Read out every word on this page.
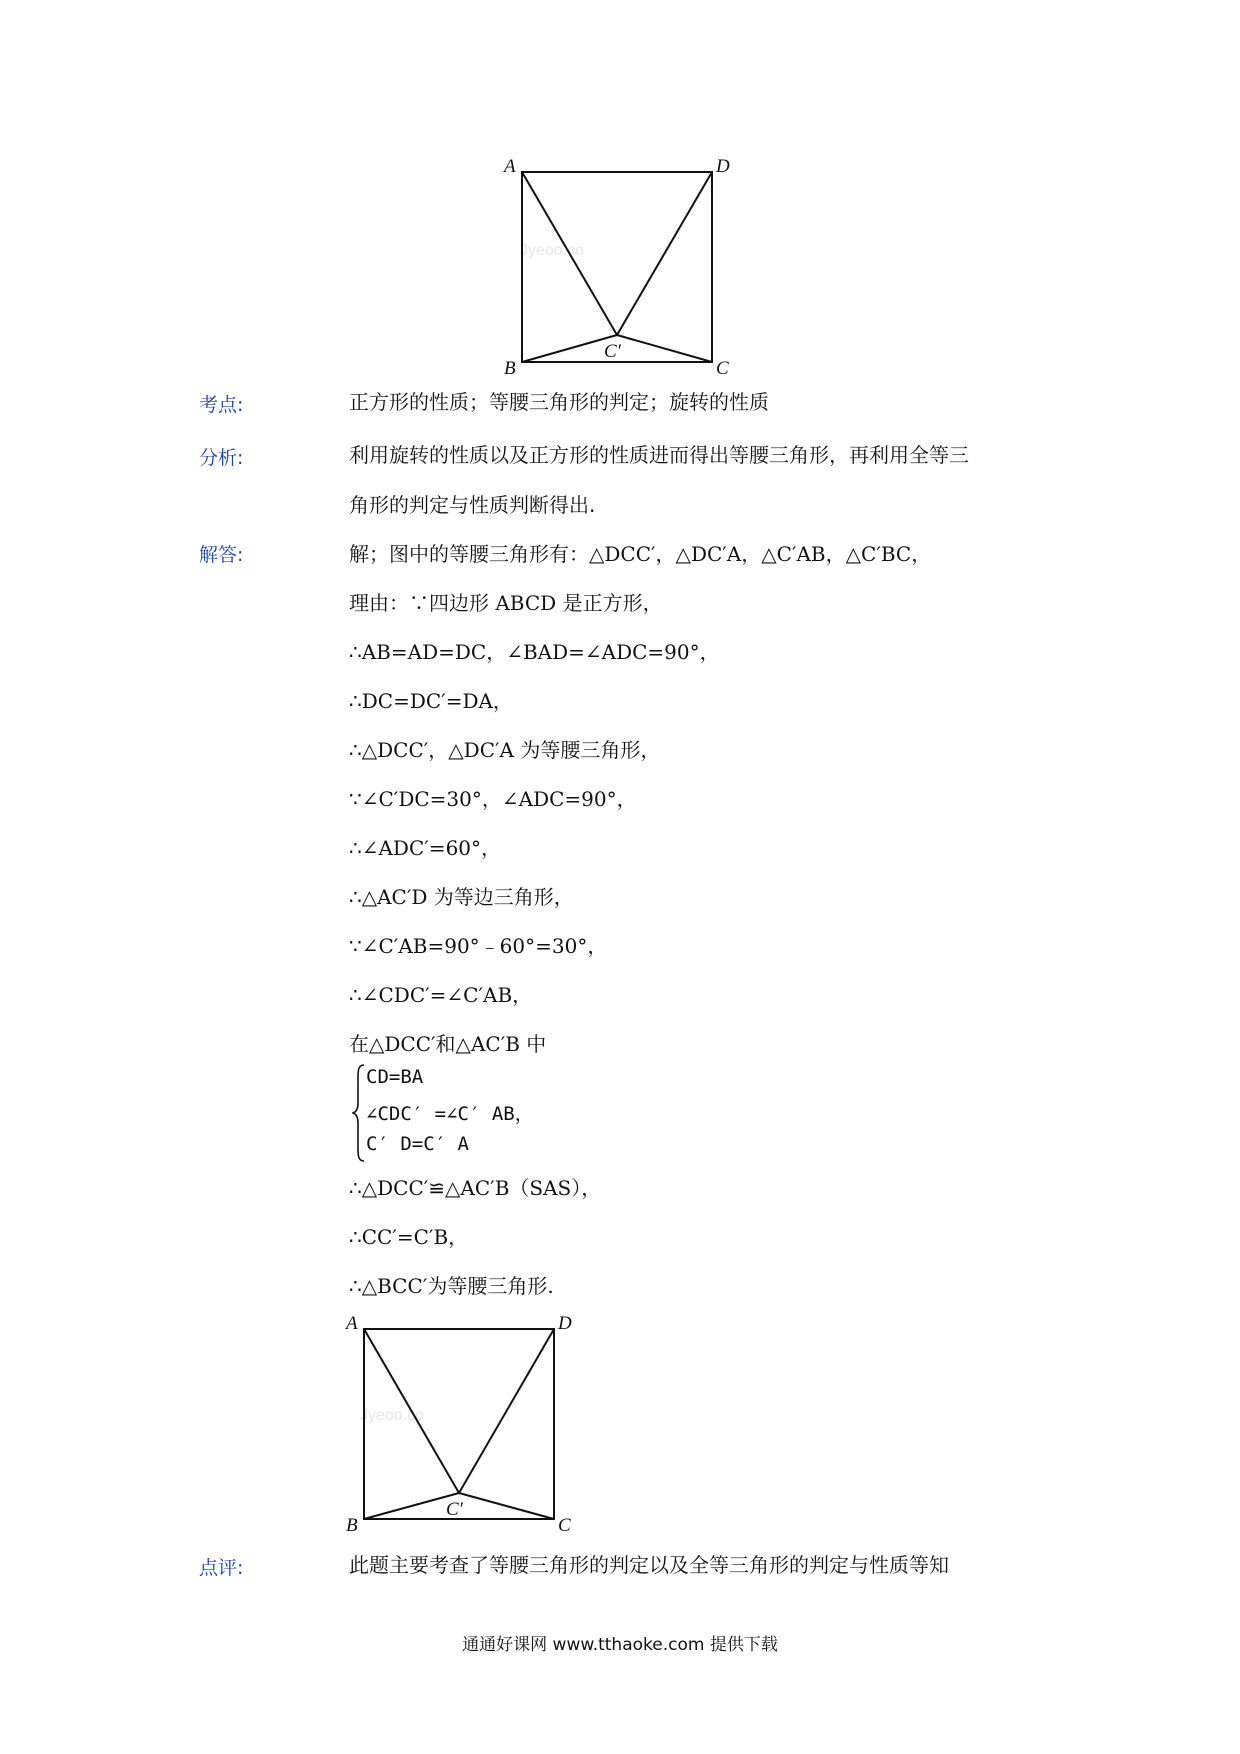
Jyeoo.co
A	D
B	C
C′
考点:	正方形的性质；等腰三角形的判定；旋转的性质
分析:	利用旋转的性质以及正方形的性质进而得出等腰三角形，再利用全等三
角形的判定与性质判断得出.
解答:	解；图中的等腰三角形有：△DCC′，△DC′A，△C′AB，△C′BC，
理由：∵四边形 ABCD 是正方形，
∴AB=AD=DC，∠BAD=∠ADC=90°，
∴DC=DC′=DA，
∴△DCC′，△DC′A 为等腰三角形，
∵∠C′DC=30°，∠ADC=90°，
∴∠ADC′=60°，
∴△AC′D 为等边三角形，
∵∠C′AB=90°﹣60°=30°，
∴∠CDC′=∠C′AB，
在△DCC′和△AC′B 中
CD=BA
∠CDC′ =∠C′ AB，
C′ D=C′ A
∴△DCC′≌△AC′B（SAS），
∴CC′=C′B，
∴△BCC′为等腰三角形.
Jyeoo.co
A	D
B	C
C′
点评:	此题主要考查了等腰三角形的判定以及全等三角形的判定与性质等知
通通好课网 www.tthaoke.com 提供下载
